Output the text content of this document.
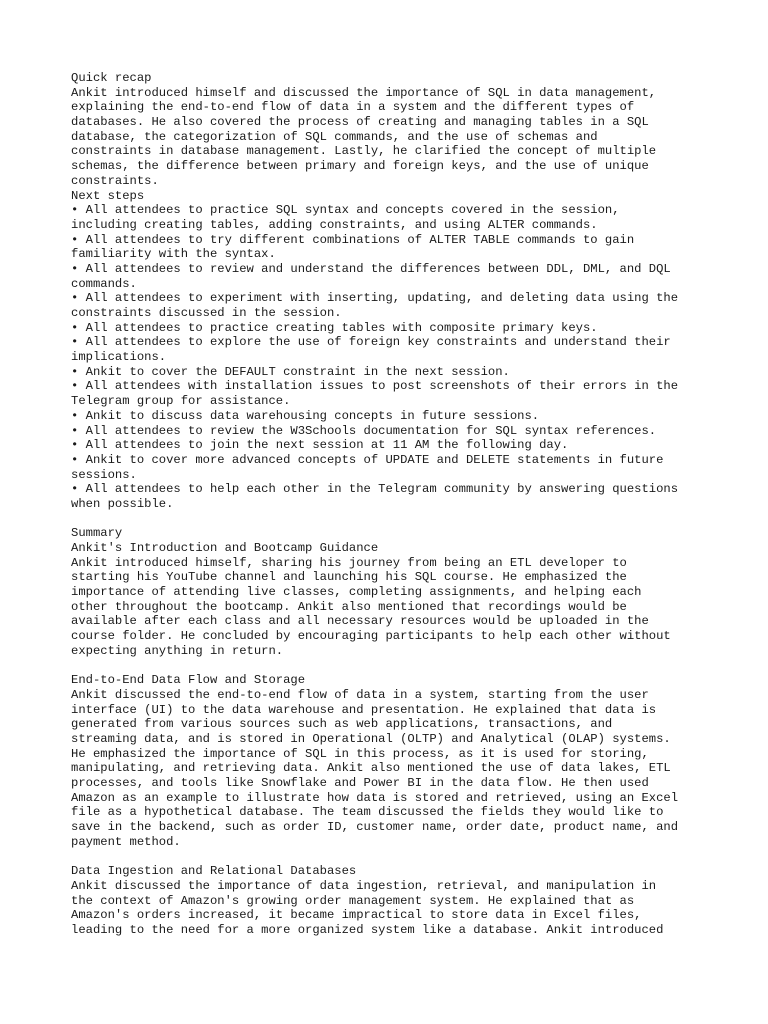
Quick recap
Ankit introduced himself and discussed the importance of SQL in data management,
explaining the end-to-end flow of data in a system and the different types of
databases. He also covered the process of creating and managing tables in a SQL
database, the categorization of SQL commands, and the use of schemas and
constraints in database management. Lastly, he clarified the concept of multiple
schemas, the difference between primary and foreign keys, and the use of unique
constraints.
Next steps
• All attendees to practice SQL syntax and concepts covered in the session,
including creating tables, adding constraints, and using ALTER commands.
• All attendees to try different combinations of ALTER TABLE commands to gain
familiarity with the syntax.
• All attendees to review and understand the differences between DDL, DML, and DQL
commands.
• All attendees to experiment with inserting, updating, and deleting data using the
constraints discussed in the session.
• All attendees to practice creating tables with composite primary keys.
• All attendees to explore the use of foreign key constraints and understand their
implications.
• Ankit to cover the DEFAULT constraint in the next session.
• All attendees with installation issues to post screenshots of their errors in the
Telegram group for assistance.
• Ankit to discuss data warehousing concepts in future sessions.
• All attendees to review the W3Schools documentation for SQL syntax references.
• All attendees to join the next session at 11 AM the following day.
• Ankit to cover more advanced concepts of UPDATE and DELETE statements in future
sessions.
• All attendees to help each other in the Telegram community by answering questions
when possible.
Summary
Ankit's Introduction and Bootcamp Guidance
Ankit introduced himself, sharing his journey from being an ETL developer to
starting his YouTube channel and launching his SQL course. He emphasized the
importance of attending live classes, completing assignments, and helping each
other throughout the bootcamp. Ankit also mentioned that recordings would be
available after each class and all necessary resources would be uploaded in the
course folder. He concluded by encouraging participants to help each other without
expecting anything in return.
End-to-End Data Flow and Storage
Ankit discussed the end-to-end flow of data in a system, starting from the user
interface (UI) to the data warehouse and presentation. He explained that data is
generated from various sources such as web applications, transactions, and
streaming data, and is stored in Operational (OLTP) and Analytical (OLAP) systems.
He emphasized the importance of SQL in this process, as it is used for storing,
manipulating, and retrieving data. Ankit also mentioned the use of data lakes, ETL
processes, and tools like Snowflake and Power BI in the data flow. He then used
Amazon as an example to illustrate how data is stored and retrieved, using an Excel
file as a hypothetical database. The team discussed the fields they would like to
save in the backend, such as order ID, customer name, order date, product name, and
payment method.
Data Ingestion and Relational Databases
Ankit discussed the importance of data ingestion, retrieval, and manipulation in
the context of Amazon's growing order management system. He explained that as
Amazon's orders increased, it became impractical to store data in Excel files,
leading to the need for a more organized system like a database. Ankit introduced
